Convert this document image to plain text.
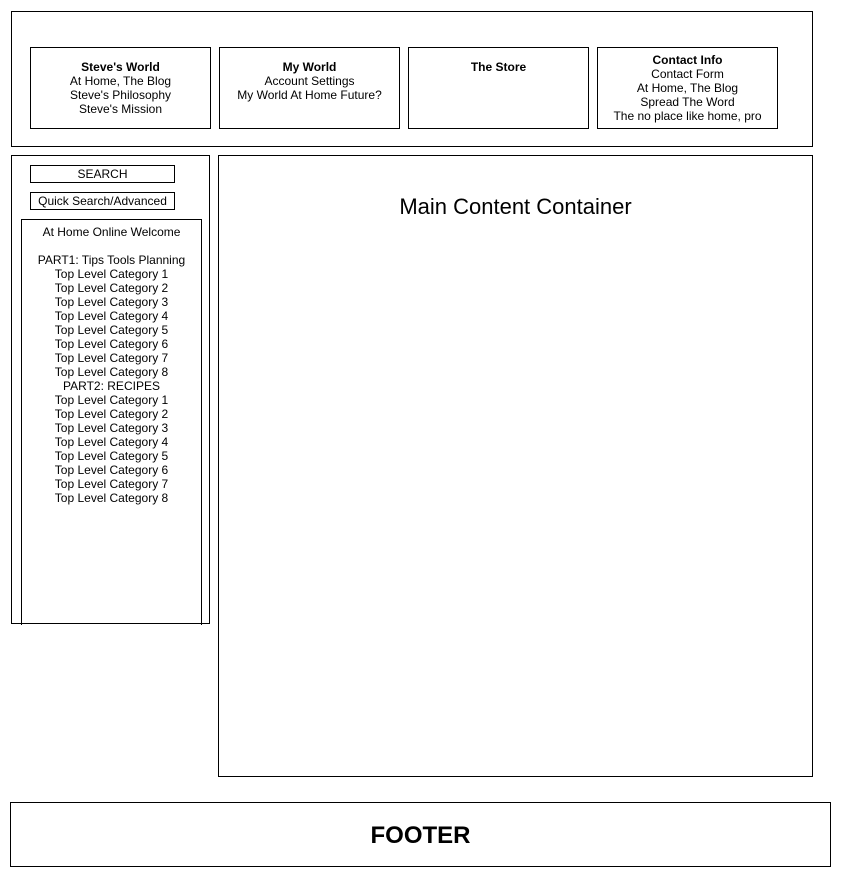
Steve's World
At Home, The Blog
Steve's Philosophy
Steve's Mission
My World
Account Settings
My World At Home Future?
The Store	Contact Info
Contact Form
At Home, The Blog
Spread The Word
The no place like home, pro
SEARCH
Quick Search/Advanced
At Home Online Welcome
PART1: Tips Tools Planning
Top Level Category 1
Top Level Category 2
Top Level Category 3
Top Level Category 4
Top Level Category 5
Top Level Category 6
Top Level Category 7
Top Level Category 8
PART2: RECIPES
Top Level Category 1
Top Level Category 2
Top Level Category 3
Top Level Category 4
Top Level Category 5
Top Level Category 6
Top Level Category 7
Top Level Category 8
Main Content Container
FOOTER
